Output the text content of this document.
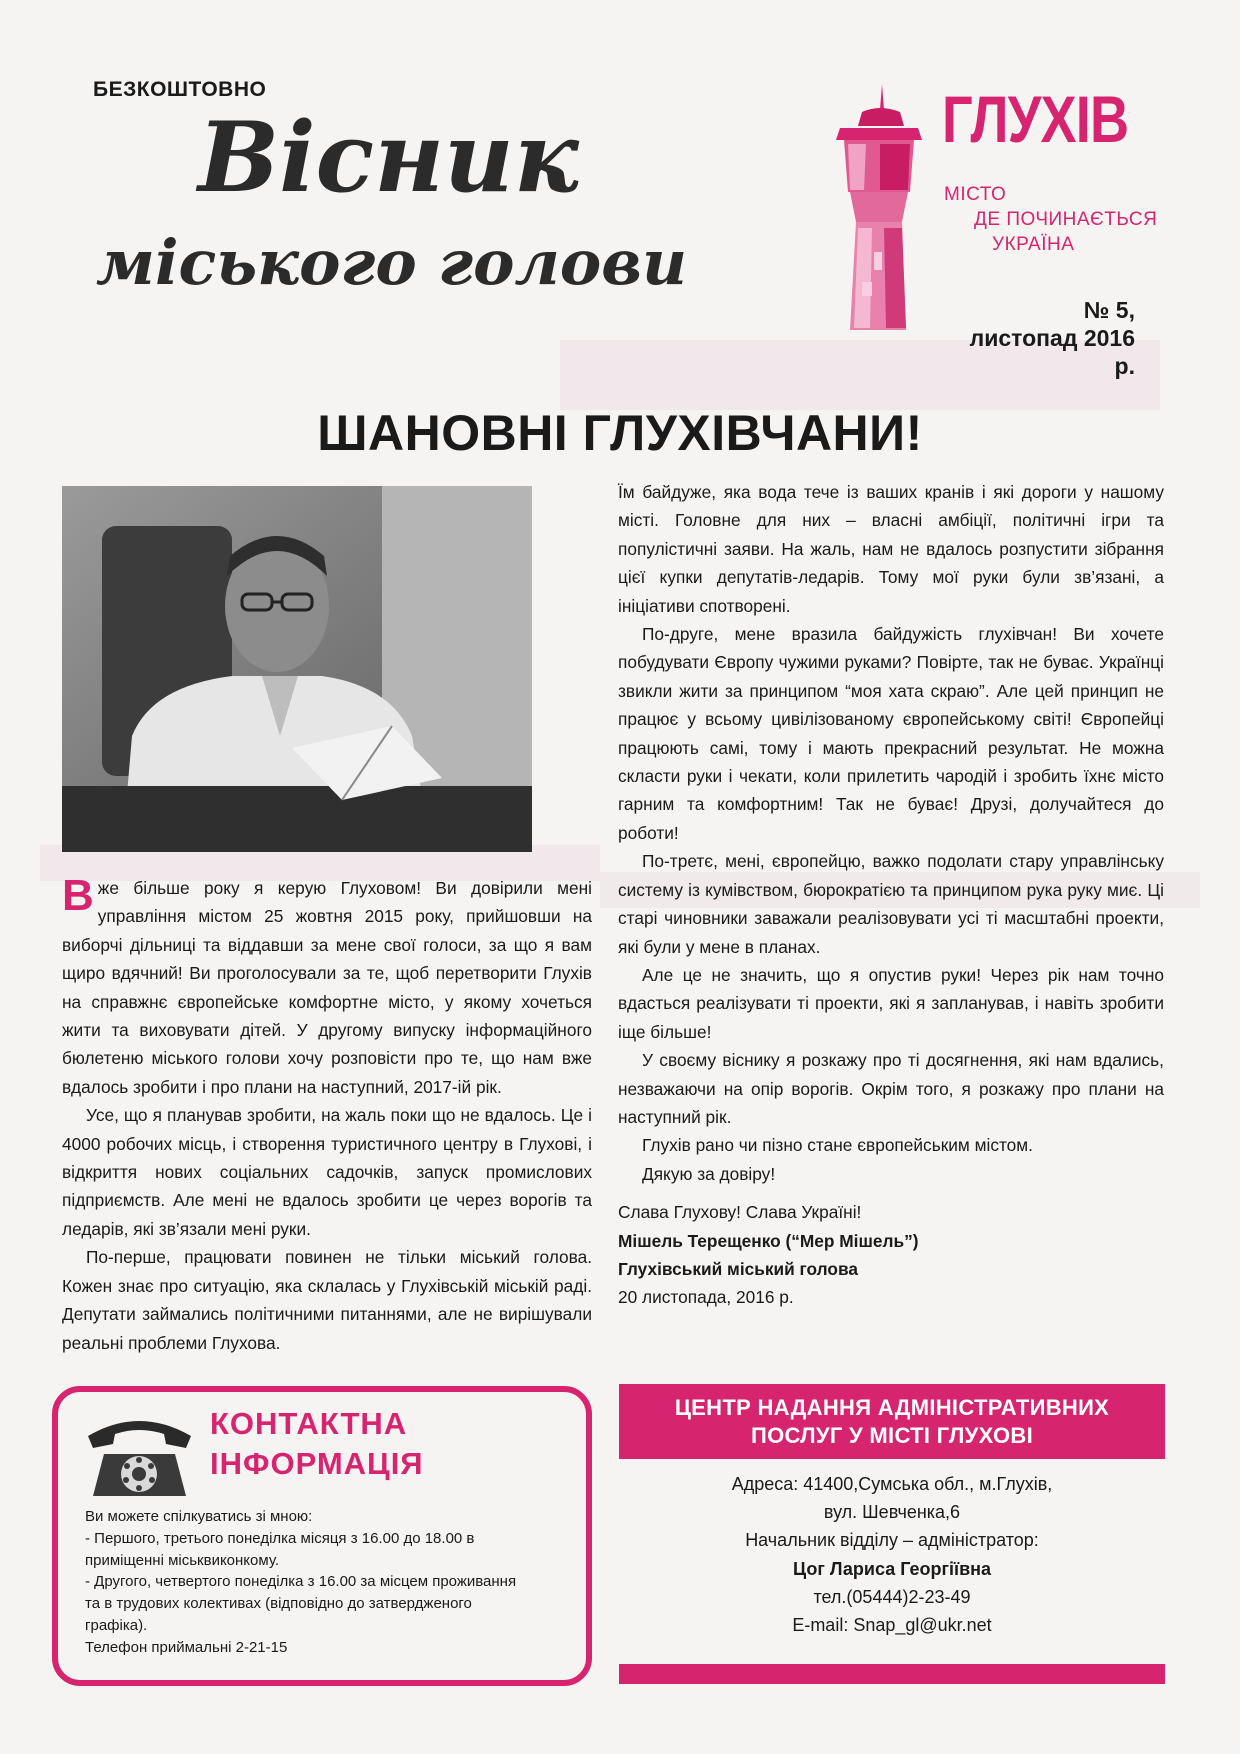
БЕЗКОШТОВНО
Вісник
міського голови
ГЛУХІВ
МІСТО
ДЕ ПОЧИНАЄТЬСЯ
УКРАЇНА
№ 5,
листопад 2016 р.
ШАНОВНІ ГЛУХІВЧАНИ!

Вже більше року я керую Глуховом! Ви довірили мені управління містом 25 жовтня 2015 року, прийшовши на виборчі дільниці та віддавши за мене свої голоси, за що я вам щиро вдячний! Ви проголосували за те, щоб перетворити Глухів на справжнє європейське комфортне місто, у якому хочеться жити та виховувати дітей. У другому випуску інформаційного бюлетеню міського голови хочу розповісти про те, що нам вже вдалось зробити і про плани на наступний, 2017-ій рік.

Усе, що я планував зробити, на жаль поки що не вдалось. Це і 4000 робочих місць, і створення туристичного центру в Глухові, і відкриття нових соціальних садочків, запуск промислових підприємств. Але мені не вдалось зробити це через ворогів та ледарів, які зв’язали мені руки.

По-перше, працювати повинен не тільки міський голова. Кожен знає про ситуацію, яка склалась у Глухівській міській раді. Депутати займались політичними питаннями, але не вирішували реальні проблеми Глухова.

Їм байдуже, яка вода тече із ваших кранів і які дороги у нашому місті. Головне для них – власні амбіції, політичні ігри та популістичні заяви. На жаль, нам не вдалось розпустити зібрання цієї купки депутатів-ледарів. Тому мої руки були зв’язані, а ініціативи спотворені.

По-друге, мене вразила байдужість глухівчан! Ви хочете побудувати Європу чужими руками? Повірте, так не буває. Українці звикли жити за принципом “моя хата скраю”. Але цей принцип не працює у всьому цивілізованому європейському світі! Європейці працюють самі, тому і мають прекрасний результат. Не можна скласти руки і чекати, коли прилетить чародій і зробить їхнє місто гарним та комфортним! Так не буває! Друзі, долучайтеся до роботи!

По-третє, мені, європейцю, важко подолати стару управлінську систему із кумівством, бюрократією та принципом рука руку миє. Ці старі чиновники заважали реалізовувати усі ті масштабні проекти, які були у мене в планах.

Але це не значить, що я опустив руки! Через рік нам точно вдасться реалізувати ті проекти, які я запланував, і навіть зробити іще більше!

У своєму віснику я розкажу про ті досягнення, які нам вдались, незважаючи на опір ворогів. Окрім того, я розкажу про плани на наступний рік.

Глухів рано чи пізно стане європейським містом.

Дякую за довіру!

Слава Глухову! Слава Україні!
Мішель Терещенко (“Мер Мішель”)
Глухівський міський голова
20 листопада, 2016 р.

КОНТАКТНА
ІНФОРМАЦІЯ
Ви можете спілкуватись зі мною:
- Першого, третього понеділка місяця з 16.00 до 18.00 в
приміщенні міськвиконкому.
- Другого, четвертого понеділка з 16.00 за місцем проживання
та в трудових колективах (відповідно до затвердженого
графіка).
Телефон приймальні 2-21-15
ЦЕНТР НАДАННЯ АДМІНІСТРАТИВНИХ
ПОСЛУГ У МІСТІ ГЛУХОВІ
Адреса: 41400,Сумська обл., м.Глухів,
вул. Шевченка,6
Начальник відділу – адміністратор:
Цог Лариса Георгіївна
тел.(05444)2-23-49
E-mail: Snap_gl@ukr.net
